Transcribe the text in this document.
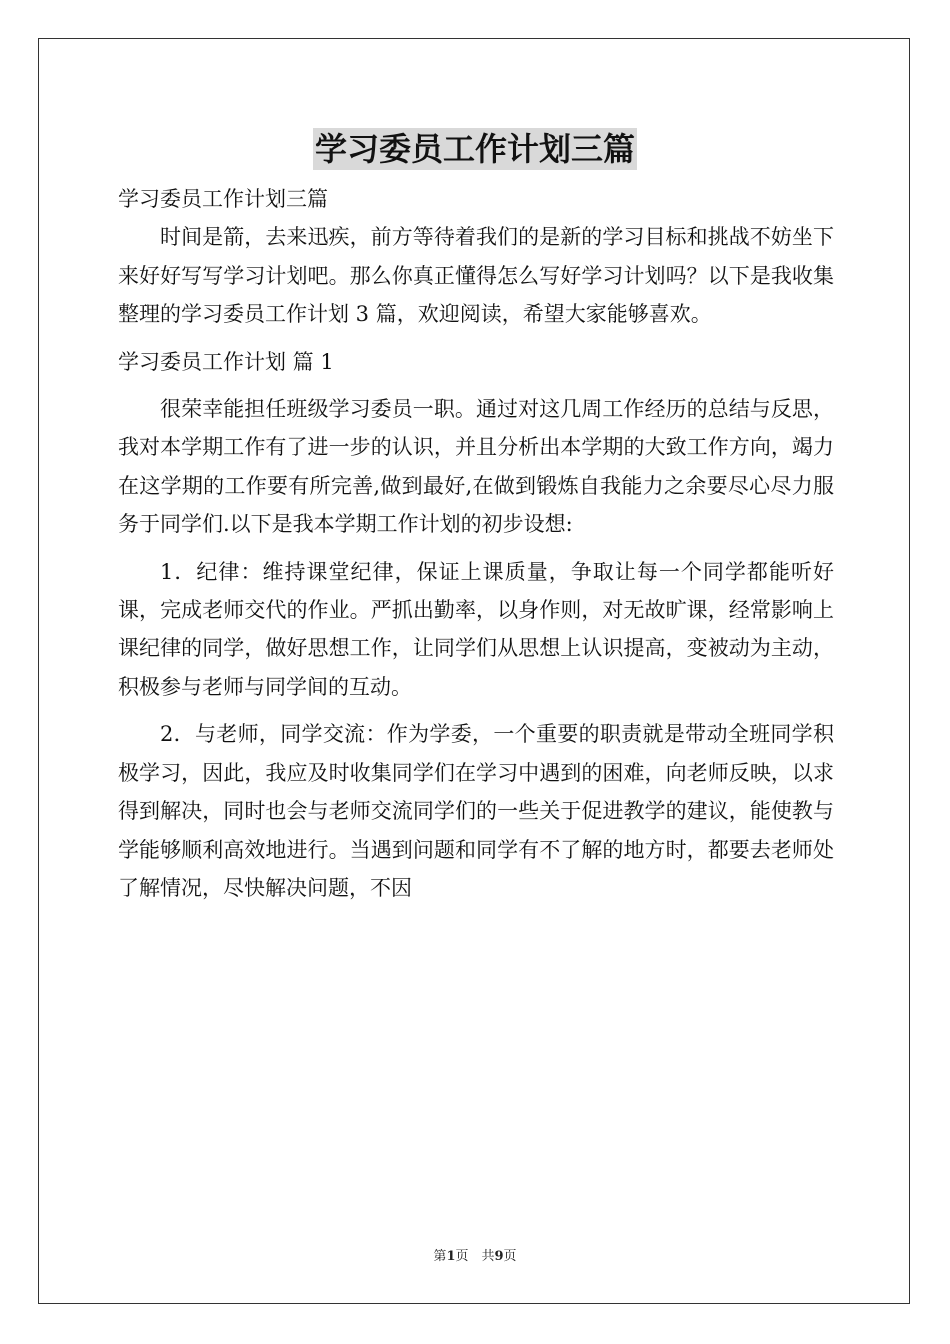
学习委员工作计划三篇

学习委员工作计划三篇

时间是箭，去来迅疾，前方等待着我们的是新的学习目标和挑战不妨坐下来好好写写学习计划吧。那么你真正懂得怎么写好学习计划吗？以下是我收集整理的学习委员工作计划 3 篇，欢迎阅读，希望大家能够喜欢。

学习委员工作计划 篇 1

很荣幸能担任班级学习委员一职。通过对这几周工作经历的总结与反思，我对本学期工作有了进一步的认识，并且分析出本学期的大致工作方向，竭力在这学期的工作要有所完善,做到最好,在做到锻炼自我能力之余要尽心尽力服务于同学们.以下是我本学期工作计划的初步设想:

1．纪律：维持课堂纪律，保证上课质量，争取让每一个同学都能听好课，完成老师交代的作业。严抓出勤率，以身作则，对无故旷课，经常影响上课纪律的同学，做好思想工作，让同学们从思想上认识提高，变被动为主动，积极参与老师与同学间的互动。

2．与老师，同学交流：作为学委，一个重要的职责就是带动全班同学积极学习，因此，我应及时收集同学们在学习中遇到的困难，向老师反映，以求得到解决，同时也会与老师交流同学们的一些关于促进教学的建议，能使教与学能够顺利高效地进行。当遇到问题和同学有不了解的地方时，都要去老师处了解情况，尽快解决问题，不因

第1页　共9页
